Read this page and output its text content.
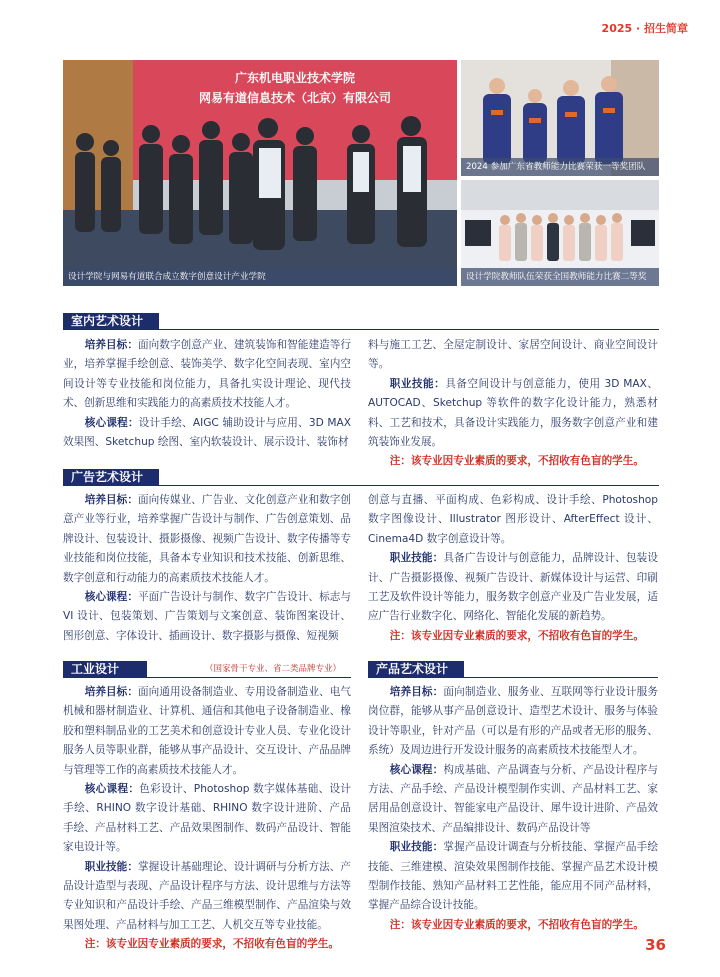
2025 · 招生简章
广东机电职业技术学院
网易有道信息技术（北京）有限公司
设计学院与网易有道联合成立数字创意设计产业学院
2024 参加广东省教师能力比赛荣获一等奖团队
设计学院教师队伍荣获全国教师能力比赛二等奖
室内艺术设计

培养目标：面向数字创意产业、建筑装饰和智能建造等行业，培养掌握手绘创意、装饰美学、数字化空间表现、室内空间设计等专业技能和岗位能力，具备扎实设计理论、现代技术、创新思维和实践能力的高素质技术技能人才。

核心课程：设计手绘、AIGC 辅助设计与应用、3D MAX 效果图、Sketchup 绘图、室内软装设计、展示设计、装饰材

料与施工工艺、全屋定制设计、家居空间设计、商业空间设计等。

职业技能：具备空间设计与创意能力，使用 3D MAX、AUTOCAD、Sketchup 等软件的数字化设计能力，熟悉材料、工艺和技术，具备设计实践能力，服务数字创意产业和建筑装饰业发展。

注：该专业因专业素质的要求，不招收有色盲的学生。

广告艺术设计

培养目标：面向传媒业、广告业、文化创意产业和数字创意产业等行业，培养掌握广告设计与制作、广告创意策划、品牌设计、包装设计、摄影摄像、视频广告设计、数字传播等专业技能和岗位技能，具备本专业知识和技术技能、创新思维、数字创意和行动能力的高素质技术技能人才。

核心课程：平面广告设计与制作、数字广告设计、标志与 VI 设计、包装策划、广告策划与文案创意、装饰图案设计、图形创意、字体设计、插画设计、数字摄影与摄像、短视频

创意与直播、平面构成、色彩构成、设计手绘、Photoshop 数字图像设计、Illustrator 图形设计、AfterEffect 设计、Cinema4D 数字创意设计等。

职业技能：具备广告设计与创意能力，品牌设计、包装设计、广告摄影摄像、视频广告设计、新媒体设计与运营、印刷工艺及软件设计等能力，服务数字创意产业及广告业发展，适应广告行业数字化、网络化、智能化发展的新趋势。

注：该专业因专业素质的要求，不招收有色盲的学生。

工业设计	（国家骨干专业、省二类品牌专业）

培养目标：面向通用设备制造业、专用设备制造业、电气机械和器材制造业、计算机、通信和其他电子设备制造业、橡胶和塑料制品业的工艺美术和创意设计专业人员、专业化设计服务人员等职业群，能够从事产品设计、交互设计、产品品牌与管理等工作的高素质技术技能人才。

核心课程：色彩设计、Photoshop 数字媒体基础、设计手绘、RHINO 数字设计基础、RHINO 数字设计进阶、产品手绘、产品材料工艺、产品效果图制作、数码产品设计、智能家电设计等。

职业技能：掌握设计基础理论、设计调研与分析方法、产品设计造型与表现、产品设计程序与方法、设计思维与方法等专业知识和产品设计手绘、产品三维模型制作、产品渲染与效果图处理、产品材料与加工工艺、人机交互等专业技能。

注：该专业因专业素质的要求，不招收有色盲的学生。

产品艺术设计

培养目标：面向制造业、服务业、互联网等行业设计服务岗位群，能够从事产品创意设计、造型艺术设计、服务与体验设计等职业，针对产品（可以是有形的产品或者无形的服务、系统）及周边进行开发设计服务的高素质技术技能型人才。

核心课程：构成基础、产品调查与分析、产品设计程序与方法、产品手绘、产品设计模型制作实训、产品材料工艺、家居用品创意设计、智能家电产品设计、犀牛设计进阶、产品效果图渲染技术、产品编排设计、数码产品设计等

职业技能：掌握产品设计调查与分析技能、掌握产品手绘技能、三维建模、渲染效果图制作技能、掌握产品艺术设计模型制作技能、熟知产品材料工艺性能，能应用不同产品材料，掌握产品综合设计技能。

注：该专业因专业素质的要求，不招收有色盲的学生。

36
